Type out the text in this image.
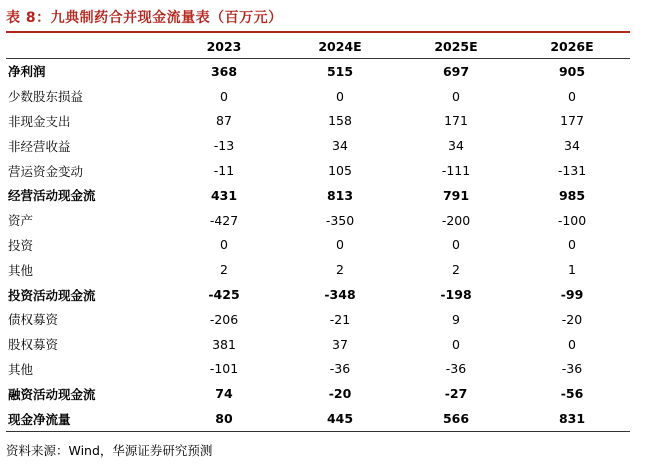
表 8：九典制药合并现金流量表（百万元）
	2023	2024E	2025E	2026E
净利润	368	515	697	905
少数股东损益	0	0	0	0
非现金支出	87	158	171	177
非经营收益	-13	34	34	34
营运资金变动	-11	105	-111	-131
经营活动现金流	431	813	791	985
资产	-427	-350	-200	-100
投资	0	0	0	0
其他	2	2	2	1
投资活动现金流	-425	-348	-198	-99
债权募资	-206	-21	9	-20
股权募资	381	37	0	0
其他	-101	-36	-36	-36
融资活动现金流	74	-20	-27	-56
现金净流量	80	445	566	831
资料来源：Wind，华源证券研究预测
